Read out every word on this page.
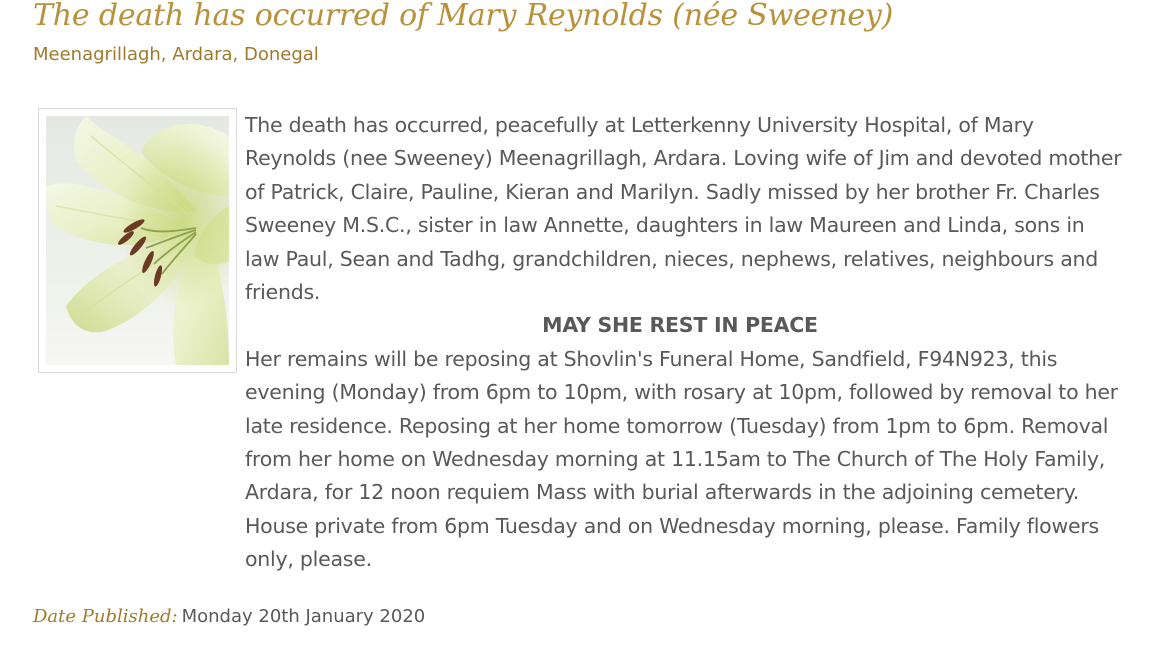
The death has occurred of Mary Reynolds (née Sweeney)
Meenagrillagh, Ardara, Donegal

The death has occurred, peacefully at Letterkenny University Hospital, of Mary Reynolds (nee Sweeney) Meenagrillagh, Ardara. Loving wife of Jim and devoted mother of Patrick, Claire, Pauline, Kieran and Marilyn. Sadly missed by her brother Fr. Charles Sweeney M.S.C., sister in law Annette, daughters in law Maureen and Linda, sons in law Paul, Sean and Tadhg, grandchildren, nieces, nephews, relatives, neighbours and friends.

MAY SHE REST IN PEACE

Her remains will be reposing at Shovlin's Funeral Home, Sandfield, F94N923, this evening (Monday) from 6pm to 10pm, with rosary at 10pm, followed by removal to her late residence. Reposing at her home tomorrow (Tuesday) from 1pm to 6pm. Removal from her home on Wednesday morning at 11.15am to The Church of The Holy Family, Ardara, for 12 noon requiem Mass with burial afterwards in the adjoining cemetery. House private from 6pm Tuesday and on Wednesday morning, please. Family flowers only, please.

Date Published: Monday 20th January 2020
